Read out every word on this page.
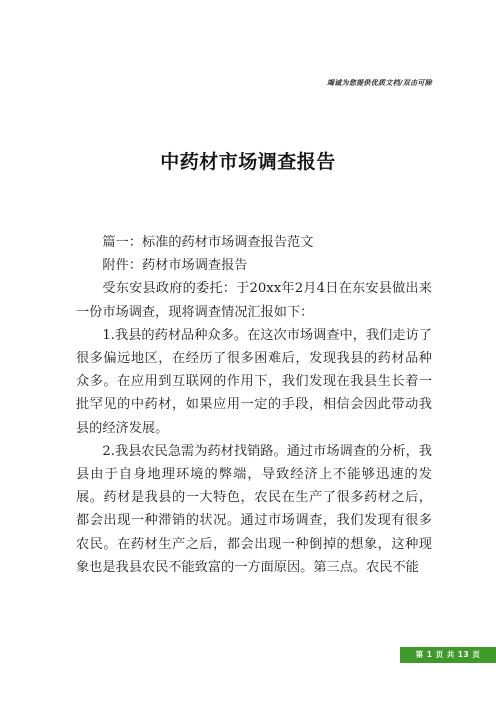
竭诚为您提供优质文档/双击可除
中药材市场调查报告

篇一：标准的药材市场调查报告范文

附件：药材市场调查报告

受东安县政府的委托：于20xx年2月4日在东安县做出来一份市场调查，现将调查情况汇报如下：

1.我县的药材品种众多。在这次市场调查中，我们走访了很多偏远地区，在经历了很多困难后，发现我县的药材品种众多。在应用到互联网的作用下，我们发现在我县生长着一批罕见的中药材，如果应用一定的手段，相信会因此带动我县的经济发展。

2.我县农民急需为药材找销路。通过市场调查的分析，我县由于自身地理环境的弊端，导致经济上不能够迅速的发展。药材是我县的一大特色，农民在生产了很多药材之后，都会出现一种滞销的状况。通过市场调查，我们发现有很多农民。在药材生产之后，都会出现一种倒掉的想象，这种现象也是我县农民不能致富的一方面原因。第三点。农民不能

第 1 页 共 13 页
